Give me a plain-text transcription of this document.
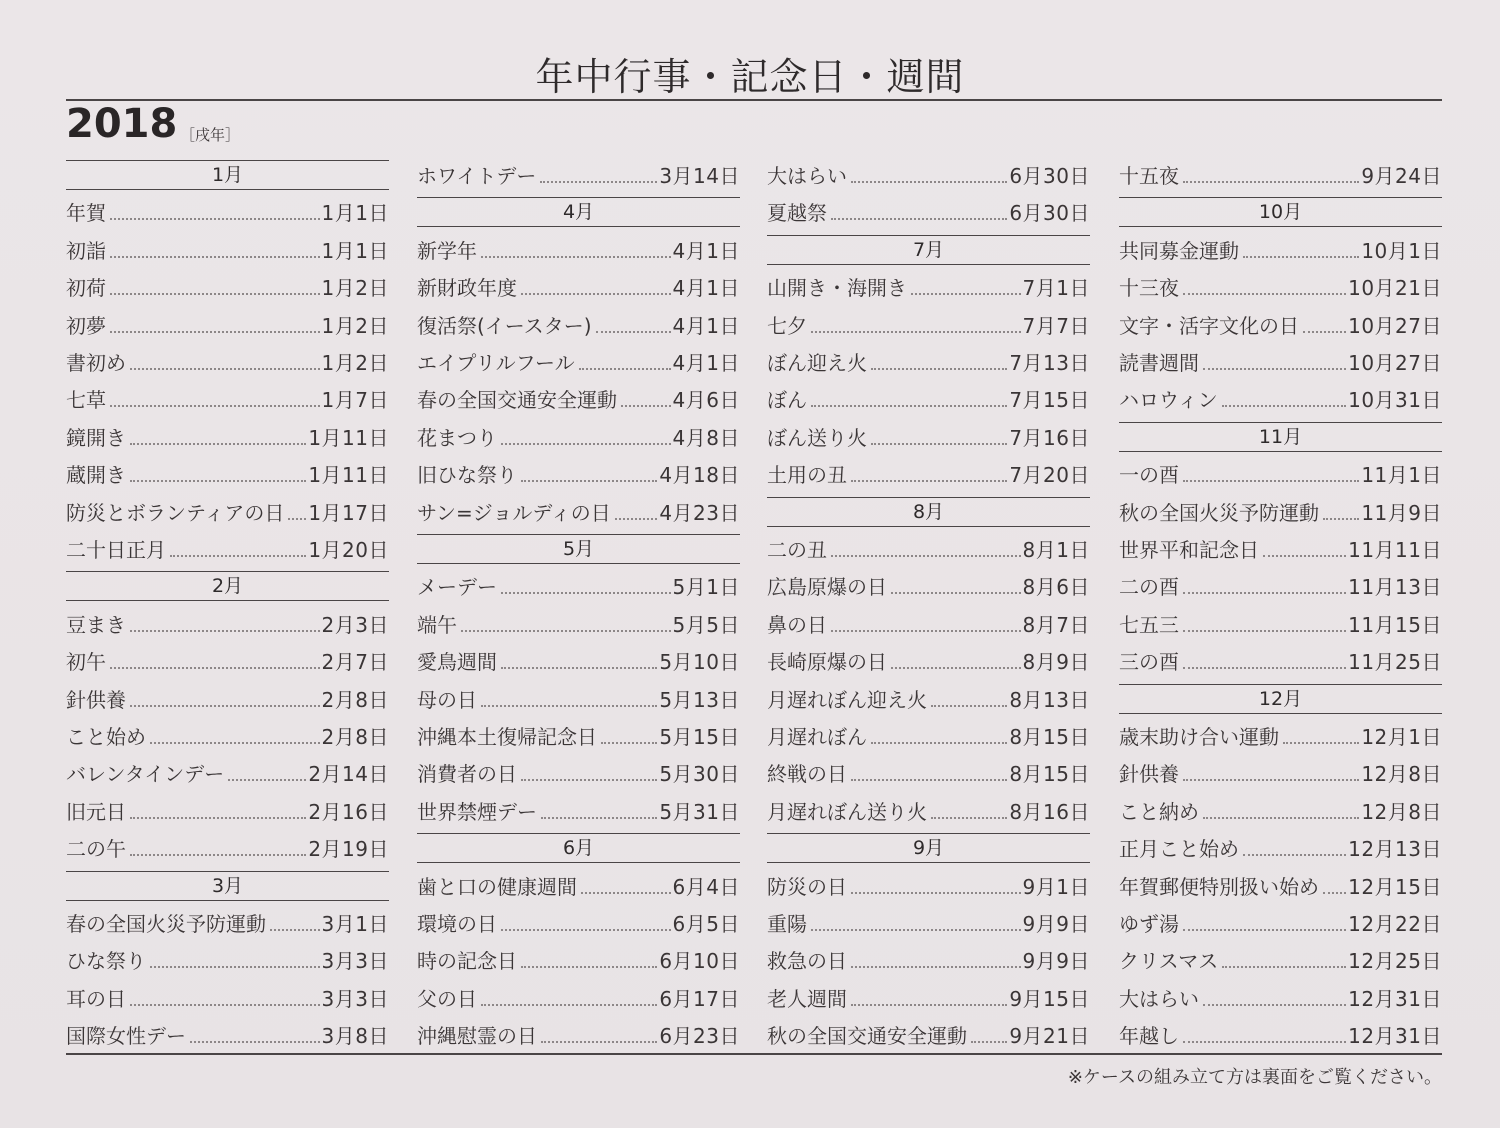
年中行事・記念日・週間
2018 ［戌年］
1月
年賀	1月1日
初詣	1月1日
初荷	1月2日
初夢	1月2日
書初め	1月2日
七草	1月7日
鏡開き	1月11日
蔵開き	1月11日
防災とボランティアの日 1月17日
二十日正月	1月20日
2月
豆まき	2月3日
初午	2月7日
針供養	2月8日
こと始め	2月8日
バレンタインデー	2月14日
旧元日	2月16日
二の午	2月19日
3月
春の全国火災予防運動	3月1日
ひな祭り	3月3日
耳の日	3月3日
国際女性デー	3月8日
ホワイトデー	3月14日
4月
新学年	4月1日
新財政年度	4月1日
復活祭(イースター)	4月1日
エイプリルフール	4月1日
春の全国交通安全運動	4月6日
花まつり	4月8日
旧ひな祭り	4月18日
サン=ジョルディの日 4月23日
5月
メーデー	5月1日
端午	5月5日
愛鳥週間	5月10日
母の日	5月13日
沖縄本土復帰記念日	5月15日
消費者の日	5月30日
世界禁煙デー	5月31日
6月
歯と口の健康週間	6月4日
環境の日	6月5日
時の記念日	6月10日
父の日	6月17日
沖縄慰霊の日	6月23日
大はらい	6月30日
夏越祭	6月30日
7月
山開き・海開き	7月1日
七夕	7月7日
ぼん迎え火	7月13日
ぼん	7月15日
ぼん送り火	7月16日
土用の丑	7月20日
8月
二の丑	8月1日
広島原爆の日	8月6日
鼻の日	8月7日
長崎原爆の日	8月9日
月遅れぼん迎え火	8月13日
月遅れぼん	8月15日
終戦の日	8月15日
月遅れぼん送り火	8月16日
9月
防災の日	9月1日
重陽	9月9日
救急の日	9月9日
老人週間	9月15日
秋の全国交通安全運動 9月21日
十五夜	9月24日
10月
共同募金運動	10月1日
十三夜	10月21日
文字・活字文化の日 10月27日
読書週間	10月27日
ハロウィン	10月31日
11月
一の酉	11月1日
秋の全国火災予防運動 11月9日
世界平和記念日	11月11日
二の酉	11月13日
七五三	11月15日
三の酉	11月25日
12月
歳末助け合い運動	12月1日
針供養	12月8日
こと納め	12月8日
正月こと始め	12月13日
年賀郵便特別扱い始め 12月15日
ゆず湯	12月22日
クリスマス	12月25日
大はらい	12月31日
年越し	12月31日
※ケースの組み立て方は裏面をご覧ください。
